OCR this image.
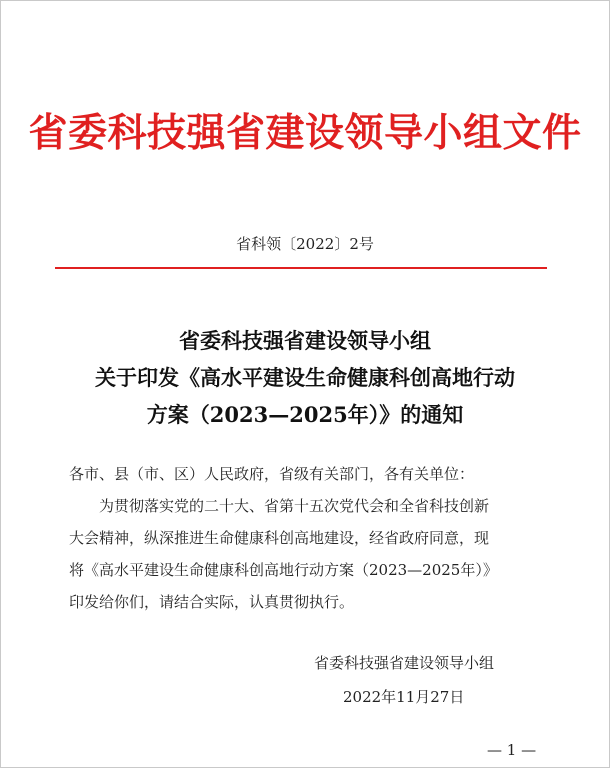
省委科技强省建设领导小组文件
省科领〔2022〕2号
省委科技强省建设领导小组
关于印发《高水平建设生命健康科创高地行动
方案（2023—2025年）》的通知
各市、县（市、区）人民政府，省级有关部门，各有关单位：
为贯彻落实党的二十大、省第十五次党代会和全省科技创新
大会精神，纵深推进生命健康科创高地建设，经省政府同意，现
将《高水平建设生命健康科创高地行动方案（2023—2025年）》
印发给你们，请结合实际，认真贯彻执行。
省委科技强省建设领导小组
2022年11月27日
— 1 —
